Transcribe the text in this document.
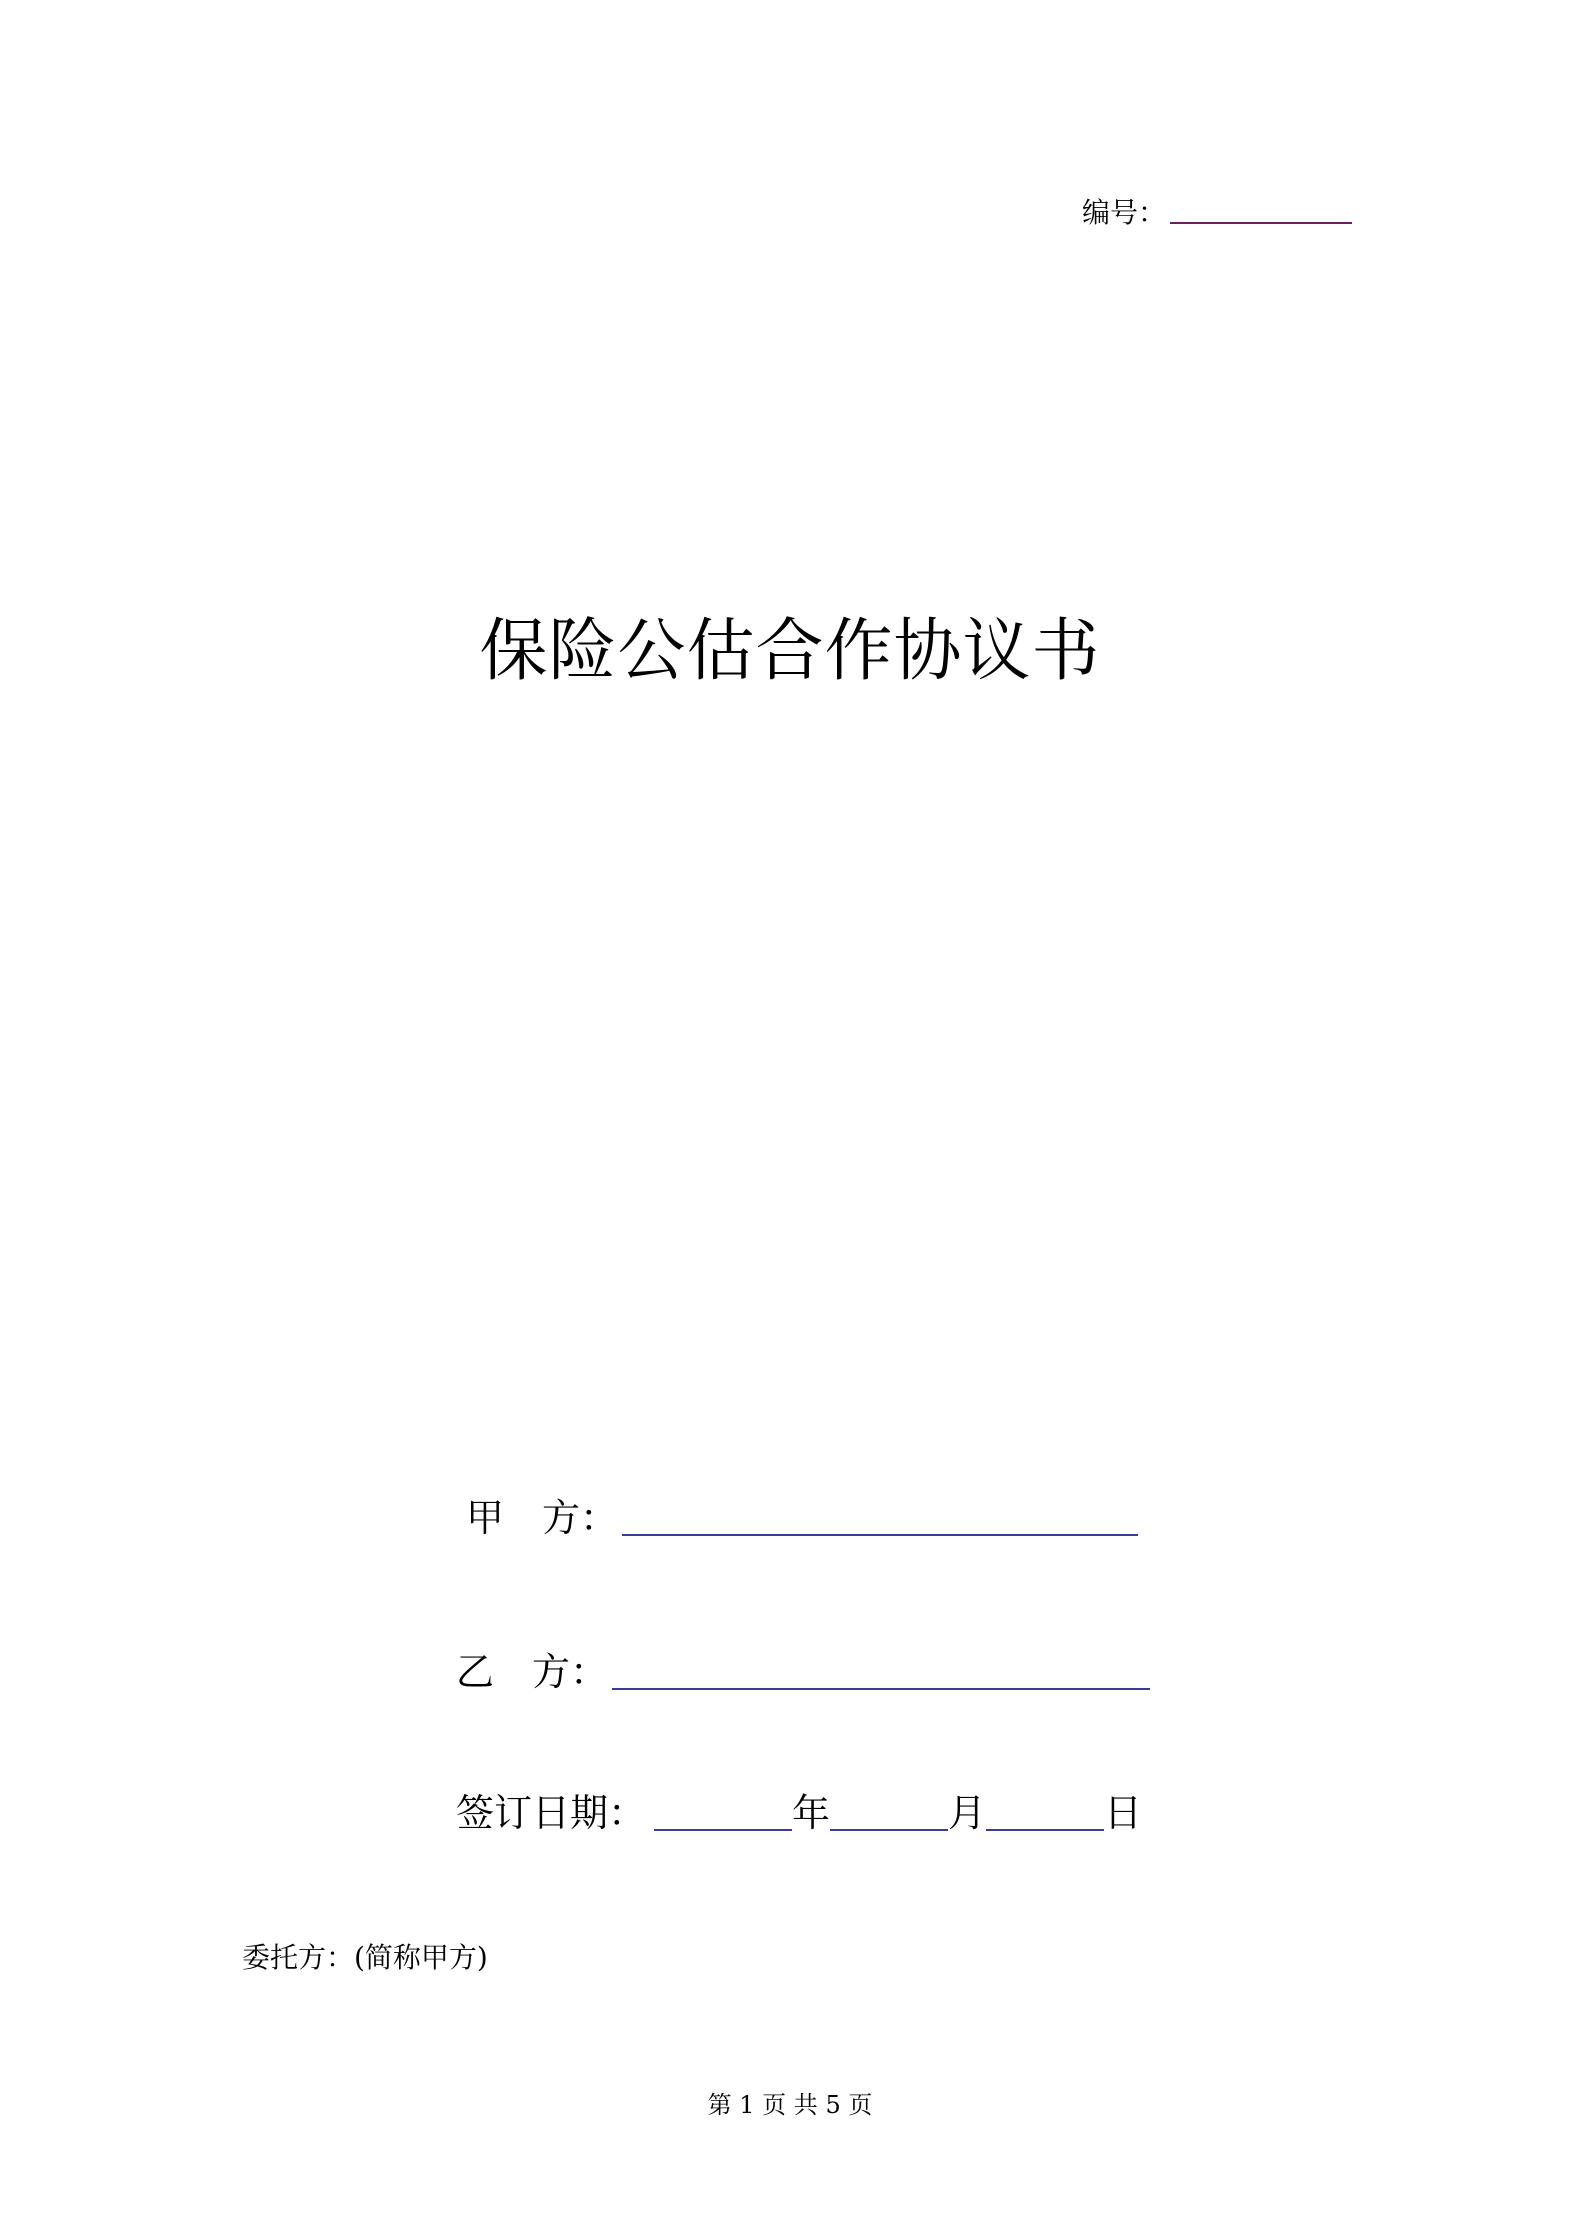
编号：
保险公估合作协议书
甲　方：
乙　方：
签订日期：	年	月	日
委托方：(简称甲方)
第 1 页 共 5 页
